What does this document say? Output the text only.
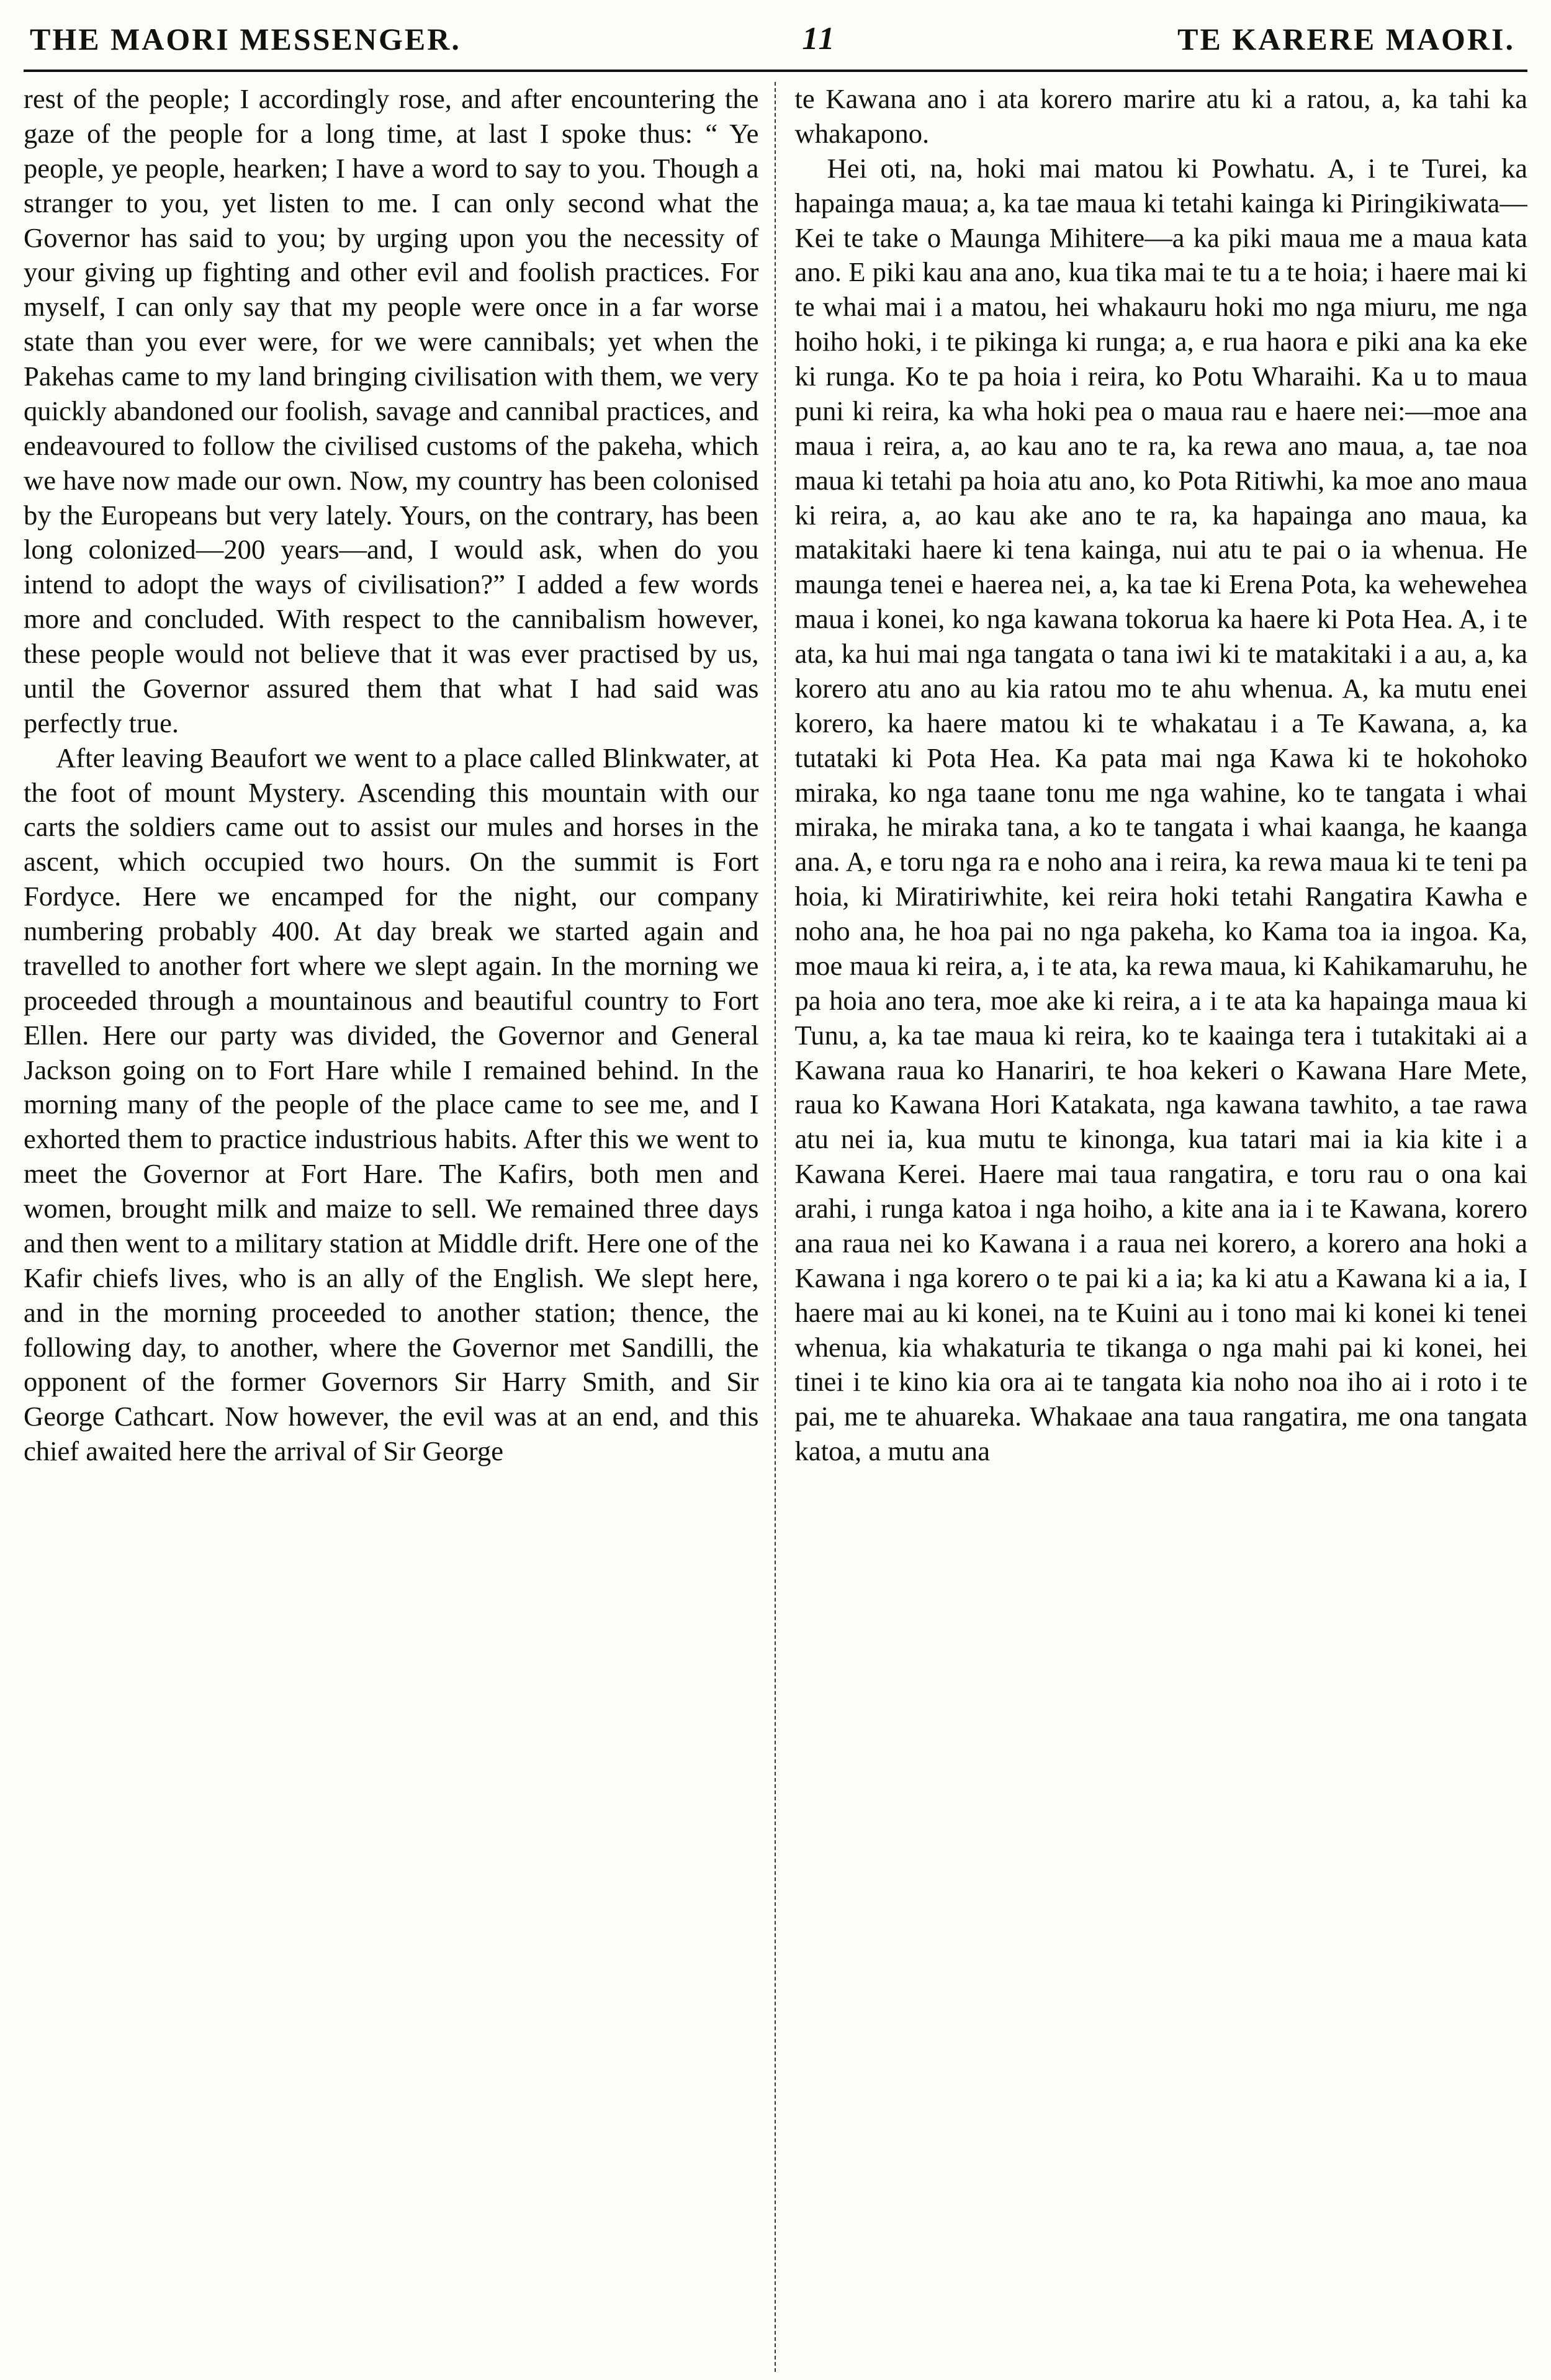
THE MAORI MESSENGER.	11	TE KARERE MAORI.

rest of the people; I accordingly rose, and after encountering the gaze of the people for a long time, at last I spoke thus: “ Ye people, ye people, hearken; I have a word to say to you. Though a stranger to you, yet listen to me. I can only second what the Governor has said to you; by urging upon you the necessity of your giving up fighting and other evil and foolish practices. For myself, I can only say that my people were once in a far worse state than you ever were, for we were cannibals; yet when the Pakehas came to my land bringing civilisation with them, we very quickly abandoned our foolish, savage and cannibal practices, and endeavoured to follow the civilised customs of the pakeha, which we have now made our own. Now, my country has been colonised by the Europeans but very lately. Yours, on the contrary, has been long colonized—200 years—and, I would ask, when do you intend to adopt the ways of civilisation?” I added a few words more and concluded. With respect to the cannibalism however, these people would not believe that it was ever practised by us, until the Governor assured them that what I had said was perfectly true.

After leaving Beaufort we went to a place called Blinkwater, at the foot of mount Mystery. Ascending this mountain with our carts the soldiers came out to assist our mules and horses in the ascent, which occupied two hours. On the summit is Fort Fordyce. Here we encamped for the night, our company numbering probably 400. At day break we started again and travelled to another fort where we slept again. In the morning we proceeded through a mountainous and beautiful country to Fort Ellen. Here our party was divided, the Governor and General Jackson going on to Fort Hare while I remained behind. In the morning many of the people of the place came to see me, and I exhorted them to practice industrious habits. After this we went to meet the Governor at Fort Hare. The Kafirs, both men and women, brought milk and maize to sell. We remained three days and then went to a military station at Middle drift. Here one of the Kafir chiefs lives, who is an ally of the English. We slept here, and in the morning proceeded to another station; thence, the following day, to another, where the Governor met Sandilli, the opponent of the former Governors Sir Harry Smith, and Sir George Cathcart. Now however, the evil was at an end, and this chief awaited here the arrival of Sir George

te Kawana ano i ata korero marire atu ki a ratou, a, ka tahi ka whakapono.

Hei oti, na, hoki mai matou ki Powhatu. A, i te Turei, ka hapainga maua; a, ka tae maua ki tetahi kainga ki Piringikiwata—Kei te take o Maunga Mihitere—a ka piki maua me a maua kata ano. E piki kau ana ano, kua tika mai te tu a te hoia; i haere mai ki te whai mai i a matou, hei whakauru hoki mo nga miuru, me nga hoiho hoki, i te pikinga ki runga; a, e rua haora e piki ana ka eke ki runga. Ko te pa hoia i reira, ko Potu Wharaihi. Ka u to maua puni ki reira, ka wha hoki pea o maua rau e haere nei:—moe ana maua i reira, a, ao kau ano te ra, ka rewa ano maua, a, tae noa maua ki tetahi pa hoia atu ano, ko Pota Ritiwhi, ka moe ano maua ki reira, a, ao kau ake ano te ra, ka hapainga ano maua, ka matakitaki haere ki tena kainga, nui atu te pai o ia whenua. He maunga tenei e haerea nei, a, ka tae ki Erena Pota, ka wehewehea maua i konei, ko nga kawana tokorua ka haere ki Pota Hea. A, i te ata, ka hui mai nga tangata o tana iwi ki te matakitaki i a au, a, ka korero atu ano au kia ratou mo te ahu whenua. A, ka mutu enei korero, ka haere matou ki te whakatau i a Te Kawana, a, ka tutataki ki Pota Hea. Ka pata mai nga Kawa ki te hokohoko miraka, ko nga taane tonu me nga wahine, ko te tangata i whai miraka, he miraka tana, a ko te tangata i whai kaanga, he kaanga ana. A, e toru nga ra e noho ana i reira, ka rewa maua ki te teni pa hoia, ki Miratiriwhite, kei reira hoki tetahi Rangatira Kawha e noho ana, he hoa pai no nga pakeha, ko Kama toa ia ingoa. Ka, moe maua ki reira, a, i te ata, ka rewa maua, ki Kahikamaruhu, he pa hoia ano tera, moe ake ki reira, a i te ata ka hapainga maua ki Tunu, a, ka tae maua ki reira, ko te kaainga tera i tutakitaki ai a Kawana raua ko Hanariri, te hoa kekeri o Kawana Hare Mete, raua ko Kawana Hori Katakata, nga kawana tawhito, a tae rawa atu nei ia, kua mutu te kinonga, kua tatari mai ia kia kite i a Kawana Kerei. Haere mai taua rangatira, e toru rau o ona kai arahi, i runga katoa i nga hoiho, a kite ana ia i te Kawana, korero ana raua nei ko Kawana i a raua nei korero, a korero ana hoki a Kawana i nga korero o te pai ki a ia; ka ki atu a Kawana ki a ia, I haere mai au ki konei, na te Kuini au i tono mai ki konei ki tenei whenua, kia whakaturia te tikanga o nga mahi pai ki konei, hei tinei i te kino kia ora ai te tangata kia noho noa iho ai i roto i te pai, me te ahuareka. Whakaae ana taua rangatira, me ona tangata katoa, a mutu ana
